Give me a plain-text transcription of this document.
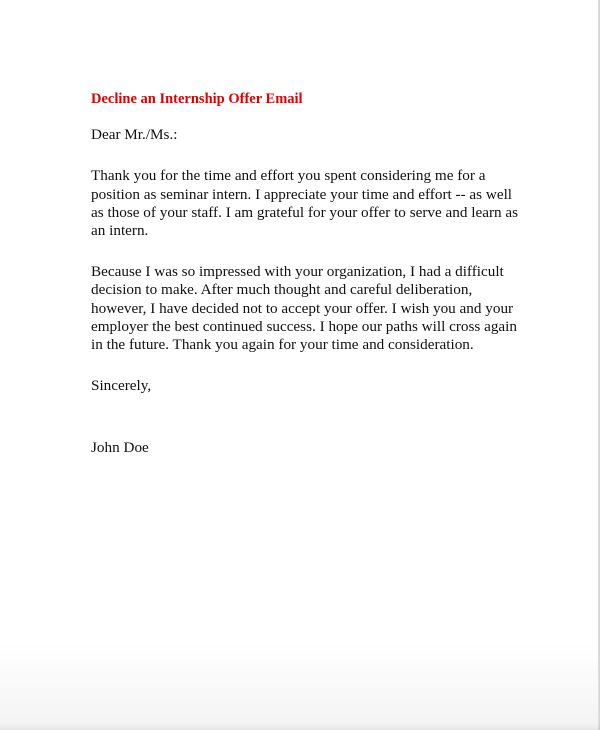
Decline an Internship Offer Email
Dear Mr./Ms.:
Thank you for the time and effort you spent considering me for a position as seminar intern. I appreciate your time and effort -- as well as those of your staff. I am grateful for your offer to serve and learn as an intern.
Because I was so impressed with your organization, I had a difficult decision to make. After much thought and careful deliberation, however, I have decided not to accept your offer. I wish you and your employer the best continued success. I hope our paths will cross again in the future. Thank you again for your time and consideration.
Sincerely,
John Doe
